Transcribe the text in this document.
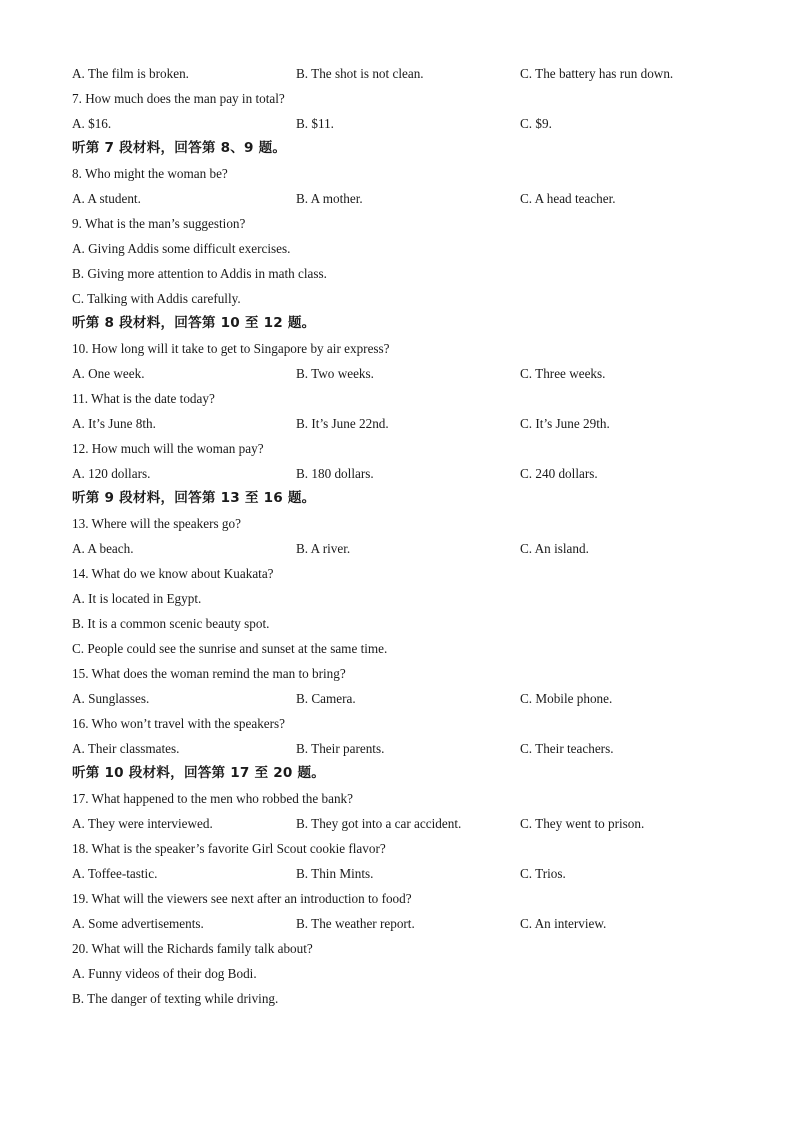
A. The film is broken.	B. The shot is not clean.	C. The battery has run down.
7. How much does the man pay in total?
A. $16.	B. $11.	C. $9.
听第 7 段材料，回答第 8、9 题。
8. Who might the woman be?
A. A student.	B. A mother.	C. A head teacher.
9. What is the man’s suggestion?
A. Giving Addis some difficult exercises.
B. Giving more attention to Addis in math class.
C. Talking with Addis carefully.
听第 8 段材料，回答第 10 至 12 题。
10. How long will it take to get to Singapore by air express?
A. One week.	B. Two weeks.	C. Three weeks.
11. What is the date today?
A. It’s June 8th.	B. It’s June 22nd.	C. It’s June 29th.
12. How much will the woman pay?
A. 120 dollars.	B. 180 dollars.	C. 240 dollars.
听第 9 段材料，回答第 13 至 16 题。
13. Where will the speakers go?
A. A beach.	B. A river.	C. An island.
14. What do we know about Kuakata?
A. It is located in Egypt.
B. It is a common scenic beauty spot.
C. People could see the sunrise and sunset at the same time.
15. What does the woman remind the man to bring?
A. Sunglasses.	B. Camera.	C. Mobile phone.
16. Who won’t travel with the speakers?
A. Their classmates.	B. Their parents.	C. Their teachers.
听第 10 段材料，回答第 17 至 20 题。
17. What happened to the men who robbed the bank?
A. They were interviewed.	B. They got into a car accident.	C. They went to prison.
18. What is the speaker’s favorite Girl Scout cookie flavor?
A. Toffee-tastic.	B. Thin Mints.	C. Trios.
19. What will the viewers see next after an introduction to food?
A. Some advertisements.	B. The weather report.	C. An interview.
20. What will the Richards family talk about?
A. Funny videos of their dog Bodi.
B. The danger of texting while driving.
